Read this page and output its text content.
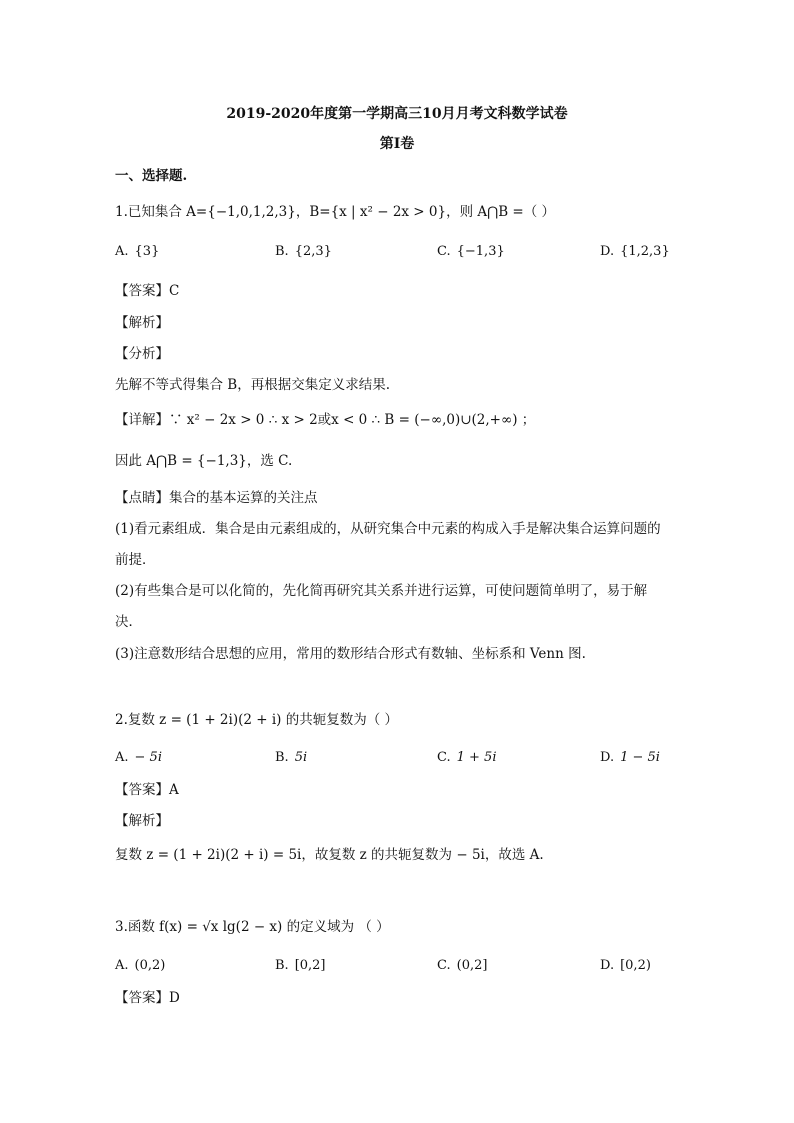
2019-2020年度第一学期高三10月月考文科数学试卷
第Ⅰ卷
一、选择题.
1.已知集合 A={−1,0,1,2,3}，B={x | x² − 2x > 0}，则 A⋂B =（ ）
A. {3}	B. {2,3}	C. {−1,3}	D. {1,2,3}
【答案】C
【解析】
【分析】
先解不等式得集合 B，再根据交集定义求结果.
【详解】∵ x² − 2x > 0 ∴ x > 2或x < 0 ∴ B = (−∞,0)∪(2,+∞) ；
因此 A⋂B = {−1,3}，选 C.
【点睛】集合的基本运算的关注点
(1)看元素组成．集合是由元素组成的，从研究集合中元素的构成入手是解决集合运算问题的
前提．
(2)有些集合是可以化简的，先化简再研究其关系并进行运算，可使问题简单明了，易于解
决．
(3)注意数形结合思想的应用，常用的数形结合形式有数轴、坐标系和 Venn 图.
2.复数 z = (1 + 2i)(2 + i) 的共轭复数为（ ）
A. − 5i	B. 5i	C. 1 + 5i	D. 1 − 5i
【答案】A
【解析】
复数 z = (1 + 2i)(2 + i) = 5i，故复数 z 的共轭复数为 − 5i，故选 A.
3.函数 f(x) = √x lg(2 − x) 的定义域为 （ ）
A. (0,2)	B. [0,2]	C. (0,2]	D. [0,2)
【答案】D
